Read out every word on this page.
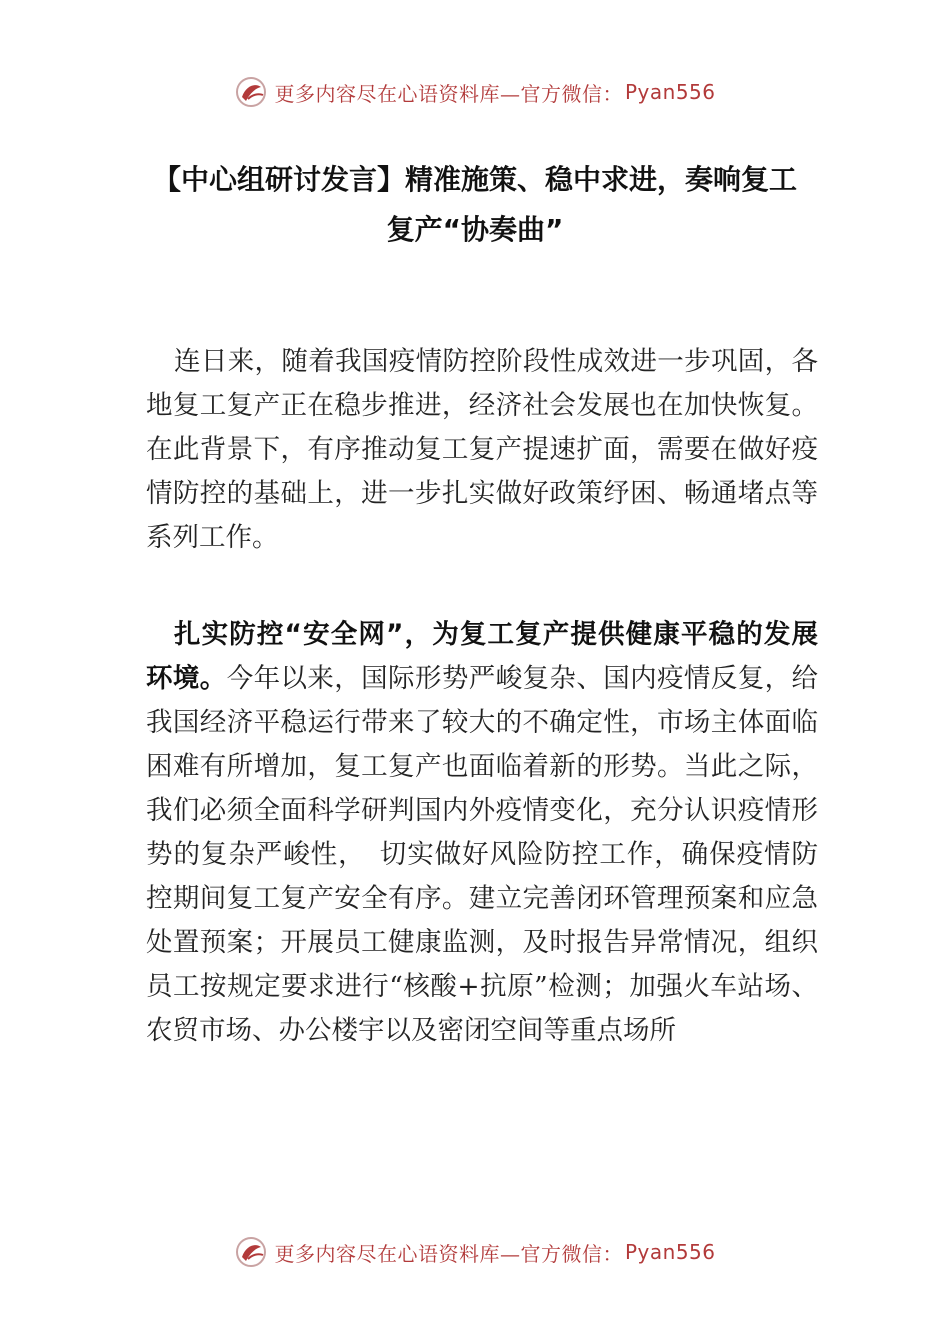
更多内容尽在心语资料库—官方微信： Pyan556
【中心组研讨发言】精准施策、稳中求进，奏响复工
复产“协奏曲”

连日来，随着我国疫情防控阶段性成效进一步巩固，各地复工复产正在稳步推进，经济社会发展也在加快恢复。在此背景下，有序推动复工复产提速扩面，需要在做好疫情防控的基础上，进一步扎实做好政策纾困、畅通堵点等系列工作。

扎实防控“安全网”，为复工复产提供健康平稳的发展环境。今年以来，国际形势严峻复杂、国内疫情反复，给我国经济平稳运行带来了较大的不确定性，市场主体面临困难有所增加，复工复产也面临着新的形势。当此之际，我们必须全面科学研判国内外疫情变化，充分认识疫情形势的复杂严峻性，　切实做好风险防控工作，确保疫情防控期间复工复产安全有序。建立完善闭环管理预案和应急处置预案；开展员工健康监测，及时报告异常情况，组织员工按规定要求进行“核酸+抗原”检测；加强火车站场、农贸市场、办公楼宇以及密闭空间等重点场所

更多内容尽在心语资料库—官方微信： Pyan556
